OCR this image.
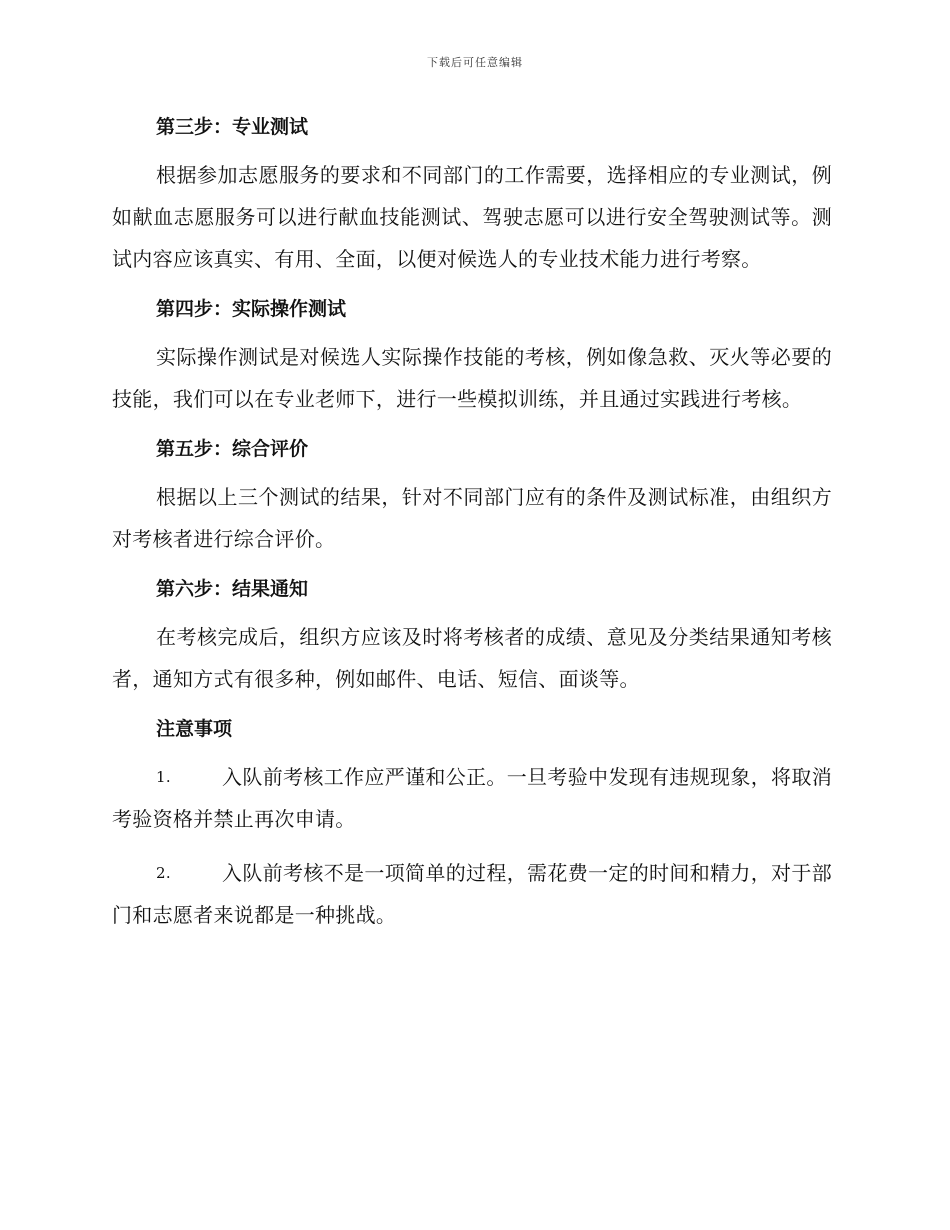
下载后可任意编辑

第三步：专业测试

根据参加志愿服务的要求和不同部门的工作需要，选择相应的专业测试，例如献血志愿服务可以进行献血技能测试、驾驶志愿可以进行安全驾驶测试等。测试内容应该真实、有用、全面，以便对候选人的专业技术能力进行考察。

第四步：实际操作测试

实际操作测试是对候选人实际操作技能的考核，例如像急救、灭火等必要的技能，我们可以在专业老师下，进行一些模拟训练，并且通过实践进行考核。

第五步：综合评价

根据以上三个测试的结果，针对不同部门应有的条件及测试标准，由组织方对考核者进行综合评价。

第六步：结果通知

在考核完成后，组织方应该及时将考核者的成绩、意见及分类结果通知考核者，通知方式有很多种，例如邮件、电话、短信、面谈等。

注意事项

1.	入队前考核工作应严谨和公正。一旦考验中发现有违规现象，将取消考验资格并禁止再次申请。

2.	入队前考核不是一项简单的过程，需花费一定的时间和精力，对于部门和志愿者来说都是一种挑战。
